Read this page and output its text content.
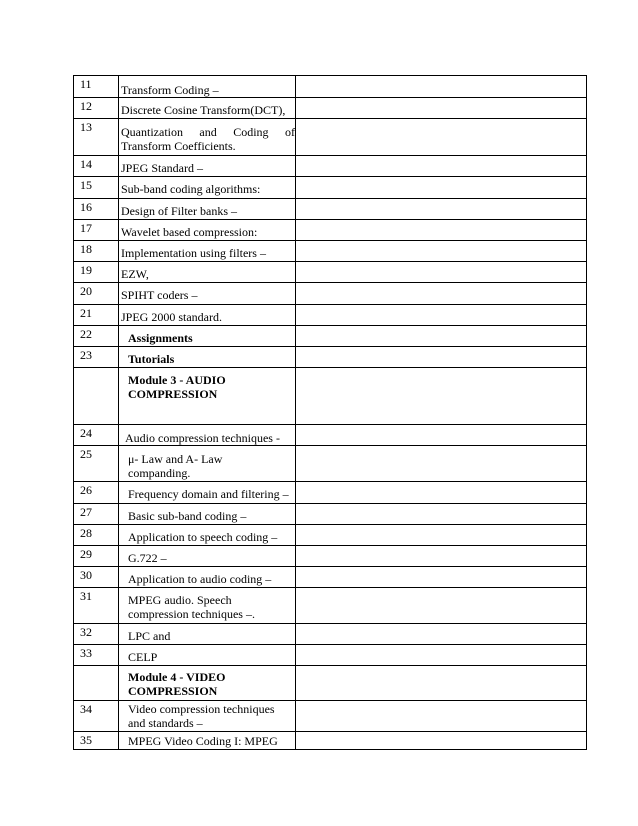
11 Transform Coding –
12 Discrete Cosine Transform(DCT),
13 Quantization and Coding of
Transform Coefficients.
14 JPEG Standard –
15 Sub-band coding algorithms:
16 Design of Filter banks –
17 Wavelet based compression:
18 Implementation using filters –
19 EZW,
20 SPIHT coders –
21 JPEG 2000 standard.
22	Assignments
23	Tutorials
Module 3 - AUDIO
COMPRESSION
24	Audio compression techniques -
25	μ- Law and A- Law
companding.
26	Frequency domain and filtering –
27	Basic sub-band coding –
28	Application to speech coding –
29	G.722 –
30	Application to audio coding –
31	MPEG audio. Speech
compression techniques –.
32	LPC and
33	CELP
Module 4 - VIDEO
COMPRESSION
34	Video compression techniques
and standards –
35	MPEG Video Coding I: MPEG
